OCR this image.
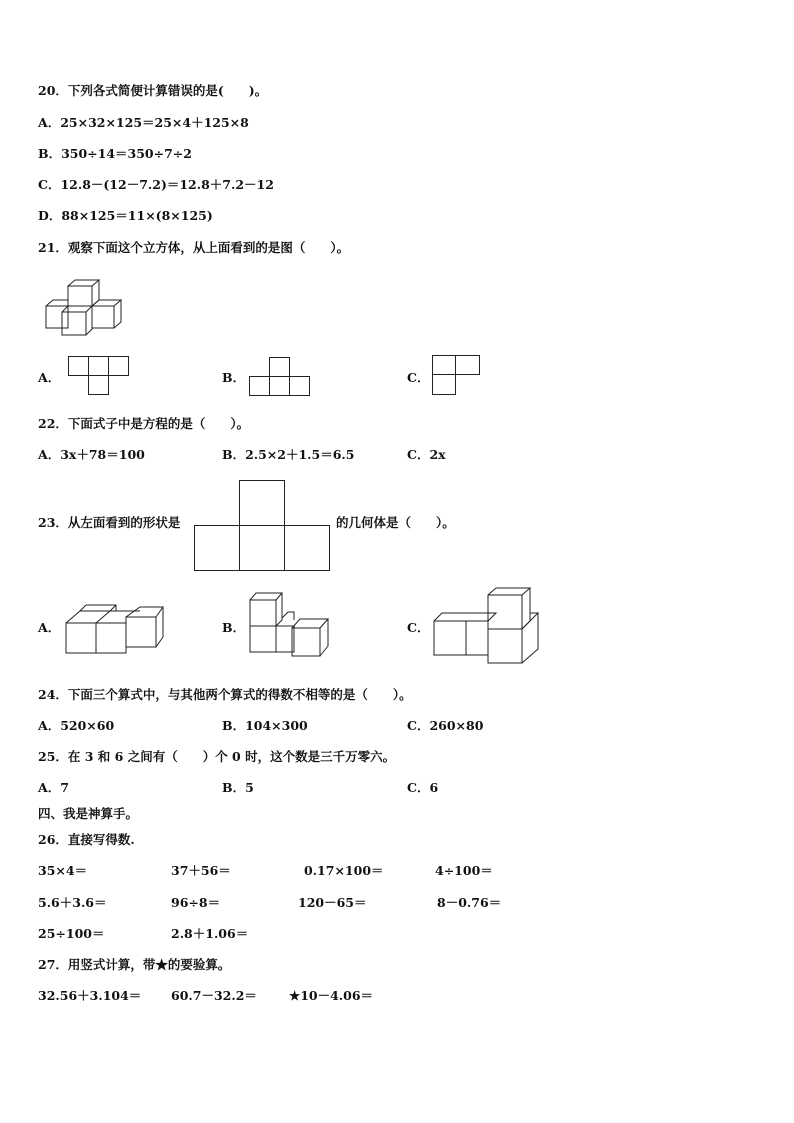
20．下列各式简便计算错误的是(　　)。
A．25×32×125＝25×4＋125×8
B．350÷14＝350÷7÷2
C．12.8－(12－7.2)＝12.8＋7.2－12
D．88×125＝11×(8×125)
21．观察下面这个立方体，从上面看到的是图（　　）。
A．	B．	C．
22．下面式子中是方程的是（　　）。
A．3x＋78＝100	B．2.5×2＋1.5＝6.5	C．2x
23．从左面看到的形状是	的几何体是（　　）。
A．	B．	C．
24．下面三个算式中，与其他两个算式的得数不相等的是（　　）。
A．520×60	B．104×300	C．260×80
25．在 3 和 6 之间有（　　）个 0 时，这个数是三千万零六。
A．7	B．5	C．6
四、我是神算手。
26．直接写得数.
35×4＝	37＋56＝	0.17×100＝	4÷100＝
5.6＋3.6＝	96÷8＝	120－65＝	8－0.76＝
25÷100＝	2.8＋1.06＝
27．用竖式计算，带★的要验算。
32.56＋3.104＝ 60.7－32.2＝	★10－4.06＝
